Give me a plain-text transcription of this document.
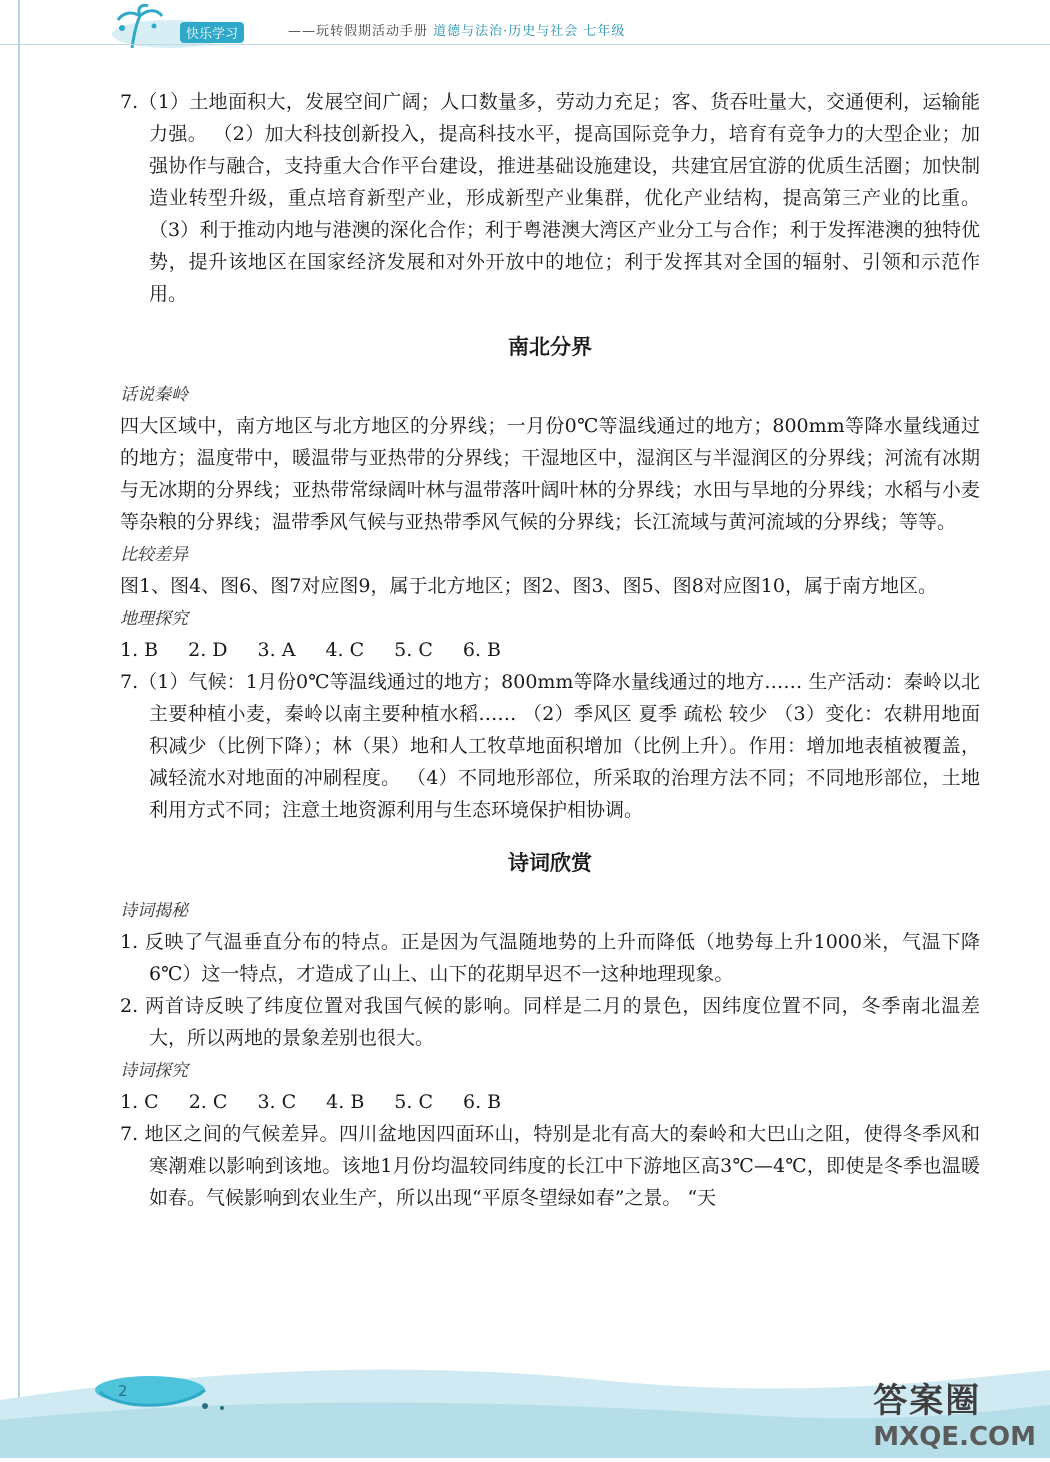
快乐学习	——玩转假期活动手册 道德与法治·历史与社会 七年级

7.（1）土地面积大，发展空间广阔；人口数量多，劳动力充足；客、货吞吐量大，交通便利，运输能力强。 （2）加大科技创新投入，提高科技水平，提高国际竞争力，培育有竞争力的大型企业；加强协作与融合，支持重大合作平台建设，推进基础设施建设，共建宜居宜游的优质生活圈；加快制造业转型升级，重点培育新型产业，形成新型产业集群，优化产业结构，提高第三产业的比重。 （3）利于推动内地与港澳的深化合作；利于粤港澳大湾区产业分工与合作；利于发挥港澳的独特优势，提升该地区在国家经济发展和对外开放中的地位；利于发挥其对全国的辐射、引领和示范作用。

南北分界
话说秦岭

四大区域中，南方地区与北方地区的分界线；一月份0℃等温线通过的地方；800mm等降水量线通过的地方；温度带中，暖温带与亚热带的分界线；干湿地区中，湿润区与半湿润区的分界线；河流有冰期与无冰期的分界线；亚热带常绿阔叶林与温带落叶阔叶林的分界线；水田与旱地的分界线；水稻与小麦等杂粮的分界线；温带季风气候与亚热带季风气候的分界线；长江流域与黄河流域的分界线；等等。

比较差异

图1、图4、图6、图7对应图9，属于北方地区；图2、图3、图5、图8对应图10，属于南方地区。

地理探究
1. B 2. D 3. A 4. C 5. C 6. B

7.（1）气候：1月份0℃等温线通过的地方；800mm等降水量线通过的地方…… 生产活动：秦岭以北主要种植小麦，秦岭以南主要种植水稻…… （2）季风区 夏季 疏松 较少 （3）变化：农耕用地面积减少（比例下降）；林（果）地和人工牧草地面积增加（比例上升）。作用：增加地表植被覆盖，减轻流水对地面的冲刷程度。 （4）不同地形部位，所采取的治理方法不同；不同地形部位，土地利用方式不同；注意土地资源利用与生态环境保护相协调。

诗词欣赏
诗词揭秘

1. 反映了气温垂直分布的特点。正是因为气温随地势的上升而降低（地势每上升1000米，气温下降6℃）这一特点，才造成了山上、山下的花期早迟不一这种地理现象。

2. 两首诗反映了纬度位置对我国气候的影响。同样是二月的景色，因纬度位置不同，冬季南北温差大，所以两地的景象差别也很大。

诗词探究
1. C 2. C 3. C 4. B 5. C 6. B

7. 地区之间的气候差异。四川盆地因四面环山，特别是北有高大的秦岭和大巴山之阻，使得冬季风和寒潮难以影响到该地。该地1月份均温较同纬度的长江中下游地区高3℃—4℃，即使是冬季也温暖如春。气候影响到农业生产，所以出现“平原冬望绿如春”之景。 “天

2	答案圈
MXQE.COM
